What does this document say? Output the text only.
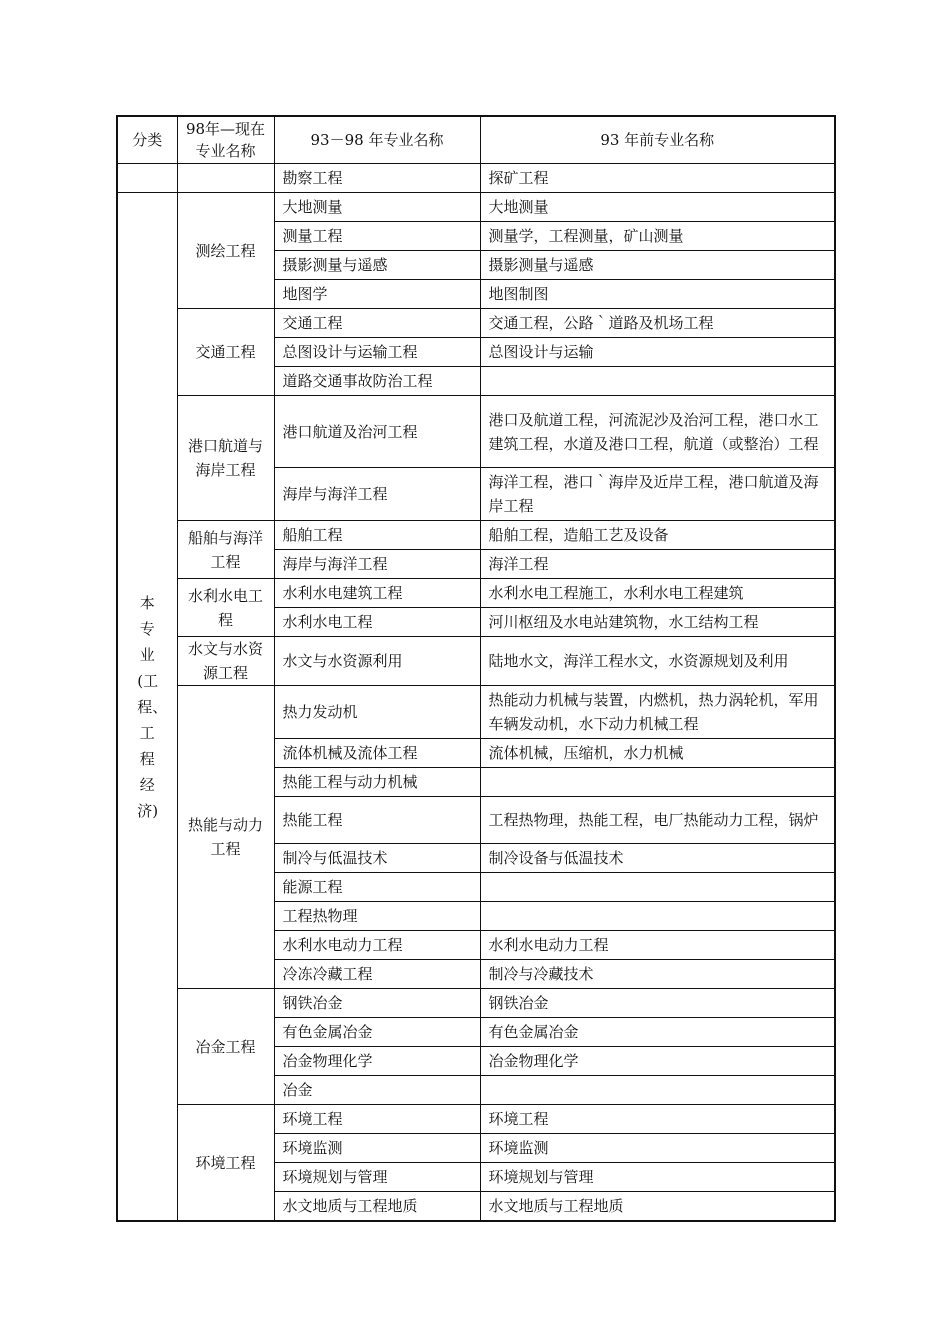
分类	98年—现在专业名称	93－98 年专业名称	93 年前专业名称
		勘察工程	探矿工程
本专业(工程、工程经济)	测绘工程	大地测量	大地测量
		测量工程	测量学，工程测量，矿山测量
		摄影测量与遥感	摄影测量与遥感
		地图学	地图制图
	交通工程	交通工程	交通工程，公路｀道路及机场工程
		总图设计与运输工程	总图设计与运输
		道路交通事故防治工程	
	港口航道与海岸工程	港口航道及治河工程	港口及航道工程，河流泥沙及治河工程，港口水工建筑工程，水道及港口工程，航道（或整治）工程
		海岸与海洋工程	海洋工程，港口｀海岸及近岸工程，港口航道及海岸工程
	船舶与海洋工程	船舶工程	船舶工程，造船工艺及设备
		海岸与海洋工程	海洋工程
	水利水电工程	水利水电建筑工程	水利水电工程施工，水利水电工程建筑
		水利水电工程	河川枢纽及水电站建筑物，水工结构工程
	水文与水资源工程	水文与水资源利用	陆地水文，海洋工程水文，水资源规划及利用
	热能与动力工程	热力发动机	热能动力机械与装置，内燃机，热力涡轮机，军用车辆发动机，水下动力机械工程
		流体机械及流体工程	流体机械，压缩机，水力机械
		热能工程与动力机械	
		热能工程	工程热物理，热能工程，电厂热能动力工程，锅炉
		制冷与低温技术	制冷设备与低温技术
		能源工程	
		工程热物理	
		水利水电动力工程	水利水电动力工程
		冷冻冷藏工程	制冷与冷藏技术
	冶金工程	钢铁冶金	钢铁冶金
		有色金属冶金	有色金属冶金
		冶金物理化学	冶金物理化学
		冶金	
	环境工程	环境工程	环境工程
		环境监测	环境监测
		环境规划与管理	环境规划与管理
		水文地质与工程地质	水文地质与工程地质
